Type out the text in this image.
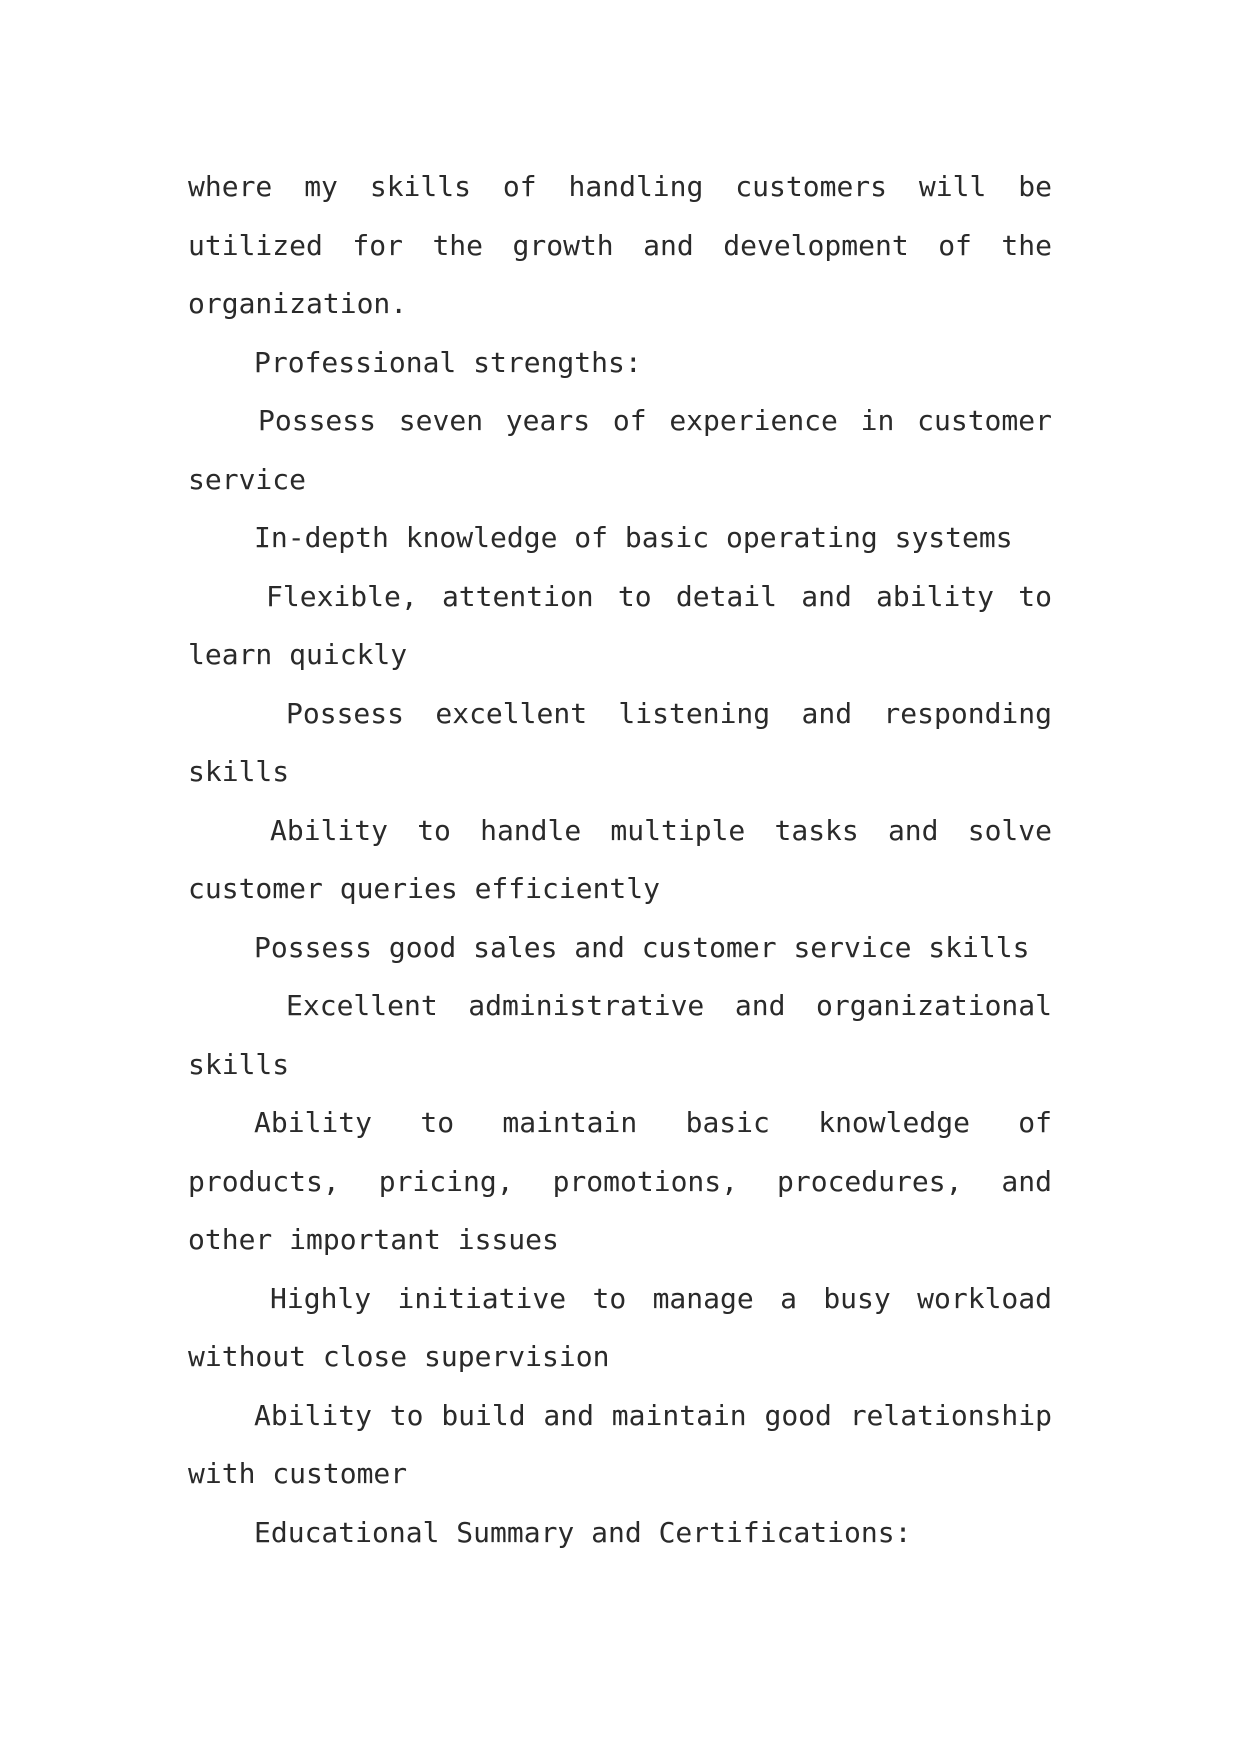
where my skills of handling customers will be utilized for the growth and development of the organization.

Professional strengths:

Possess seven years of experience in customer service

In-depth knowledge of basic operating systems

Flexible, attention to detail and ability to learn quickly

Possess excellent listening and responding skills

Ability to handle multiple tasks and solve customer queries efficiently

Possess good sales and customer service skills

Excellent administrative and organizational skills

Ability to maintain basic knowledge of products, pricing, promotions, procedures, and other important issues

Highly initiative to manage a busy workload without close supervision

Ability to build and maintain good relationship with customer

Educational Summary and Certifications:
